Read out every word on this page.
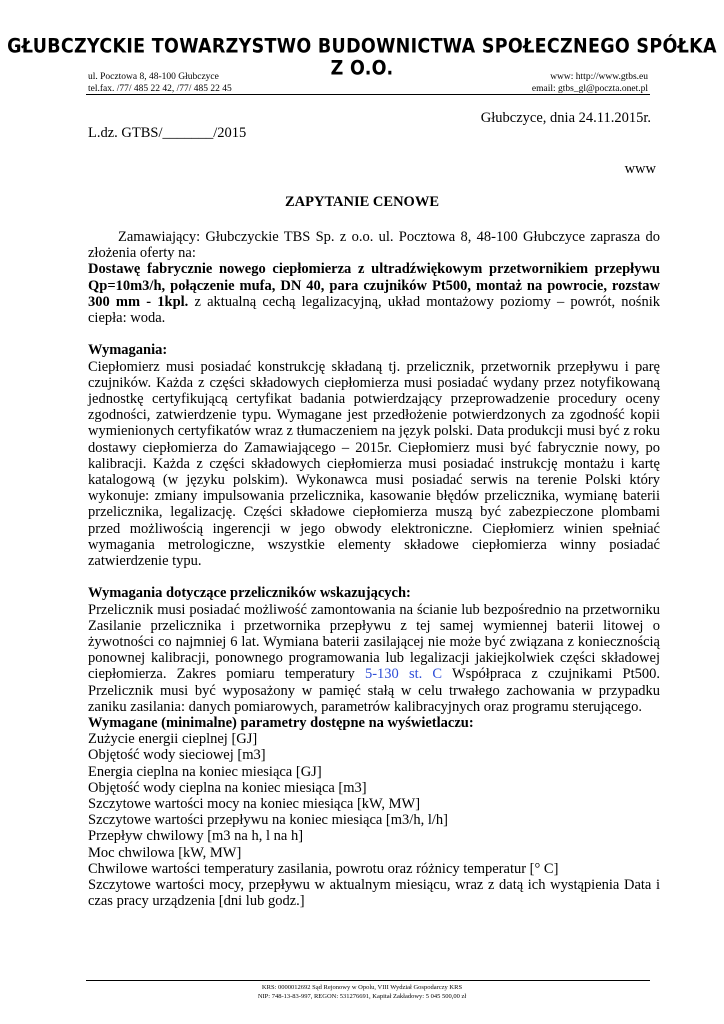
GŁUBCZYCKIE TOWARZYSTWO BUDOWNICTWA SPOŁECZNEGO SPÓŁKA Z O.O.
ul. Pocztowa 8, 48-100 Głubczyce
tel.fax. /77/ 485 22 42, /77/ 485 22 45
www: http://www.gtbs.eu
email: gtbs_gl@poczta.onet.pl
Głubczyce, dnia 24.11.2015r.
L.dz. GTBS/_______/2015
www
ZAPYTANIE CENOWE

Zamawiający: Głubczyckie TBS Sp. z o.o. ul. Pocztowa 8, 48-100 Głubczyce zaprasza do złożenia oferty na:

Dostawę fabrycznie nowego ciepłomierza z ultradźwiękowym przetwornikiem przepływu Qp=10m3/h, połączenie mufa, DN 40, para czujników Pt500, montaż na powrocie, rozstaw 300 mm - 1kpl. z aktualną cechą legalizacyjną, układ montażowy poziomy – powrót, nośnik ciepła: woda.

Wymagania:

Ciepłomierz musi posiadać konstrukcję składaną tj. przelicznik, przetwornik przepływu i parę czujników. Każda z części składowych ciepłomierza musi posiadać wydany przez notyfikowaną jednostkę certyfikującą certyfikat badania potwierdzający przeprowadzenie procedury oceny zgodności, zatwierdzenie typu. Wymagane jest przedłożenie potwierdzonych za zgodność kopii wymienionych certyfikatów wraz z tłumaczeniem na język polski. Data produkcji musi być z roku dostawy ciepłomierza do Zamawiającego – 2015r. Ciepłomierz musi być fabrycznie nowy, po kalibracji. Każda z części składowych ciepłomierza musi posiadać instrukcję montażu i kartę katalogową (w języku polskim). Wykonawca musi posiadać serwis na terenie Polski który wykonuje: zmiany impulsowania przelicznika, kasowanie błędów przelicznika, wymianę baterii przelicznika, legalizację. Części składowe ciepłomierza muszą być zabezpieczone plombami przed możliwością ingerencji w jego obwody elektroniczne. Ciepłomierz winien spełniać wymagania metrologiczne, wszystkie elementy składowe ciepłomierza winny posiadać zatwierdzenie typu.

Wymagania dotyczące przeliczników wskazujących:

Przelicznik musi posiadać możliwość zamontowania na ścianie lub bezpośrednio na przetworniku Zasilanie przelicznika i przetwornika przepływu z tej samej wymiennej baterii litowej o żywotności co najmniej 6 lat. Wymiana baterii zasilającej nie może być związana z koniecznością ponownej kalibracji, ponownego programowania lub legalizacji jakiejkolwiek części składowej ciepłomierza. Zakres pomiaru temperatury 5-130 st. C Współpraca z czujnikami Pt500. Przelicznik musi być wyposażony w pamięć stałą w celu trwałego zachowania w przypadku zaniku zasilania: danych pomiarowych, parametrów kalibracyjnych oraz programu sterującego.

Wymagane (minimalne) parametry dostępne na wyświetlaczu:

Zużycie energii cieplnej [GJ]

Objętość wody sieciowej [m3]

Energia cieplna na koniec miesiąca [GJ]

Objętość wody cieplna na koniec miesiąca [m3]

Szczytowe wartości mocy na koniec miesiąca [kW, MW]

Szczytowe wartości przepływu na koniec miesiąca [m3/h, l/h]

Przepływ chwilowy [m3 na h, l na h]

Moc chwilowa [kW, MW]

Chwilowe wartości temperatury zasilania, powrotu oraz różnicy temperatur [° C]

Szczytowe wartości mocy, przepływu w aktualnym miesiącu, wraz z datą ich wystąpienia Data i czas pracy urządzenia [dni lub godz.]

KRS: 0000012692 Sąd Rejonowy w Opolu, VIII Wydział Gospodarczy KRS
NIP: 748-13-83-997, REGON: 531276691, Kapitał Zakładowy: 5 045 500,00 zł
